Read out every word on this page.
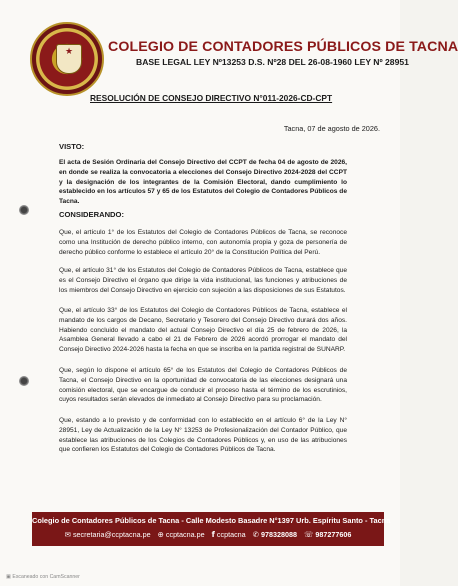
★	COLEGIO DE CONTADORES PÚBLICOS DE TACNA
BASE LEGAL LEY Nº13253 D.S. Nº28 DEL 26-08-1960 LEY Nº 28951
RESOLUCIÓN DE CONSEJO DIRECTIVO N°011-2026-CD-CPT
Tacna, 07 de agosto de 2026.
VISTO:
El acta de Sesión Ordinaria del Consejo Directivo del CCPT de fecha 04 de agosto de 2026, en donde se realiza la convocatoria a elecciones del Consejo Directivo 2024-2028 del CCPT y la designación de los integrantes de la Comisión Electoral, dando cumplimiento lo establecido en los artículos 57 y 65 de los Estatutos del Colegio de Contadores Públicos de Tacna.
CONSIDERANDO:
Que, el artículo 1° de los Estatutos del Colegio de Contadores Públicos de Tacna, se reconoce como una Institución de derecho público interno, con autonomía propia y goza de personería de derecho público conforme lo establece el artículo 20° de la Constitución Política del Perú.
Que, el artículo 31° de los Estatutos del Colegio de Contadores Públicos de Tacna, establece que es el Consejo Directivo el órgano que dirige la vida institucional, las funciones y atribuciones de los miembros del Consejo Directivo en ejercicio con sujeción a las disposiciones de sus Estatutos.
Que, el artículo 33° de los Estatutos del Colegio de Contadores Públicos de Tacna, establece el mandato de los cargos de Decano, Secretario y Tesorero del Consejo Directivo durará dos años. Habiendo concluido el mandato del actual Consejo Directivo el día 25 de febrero de 2026, la Asamblea General llevado a cabo el 21 de Febrero de 2026 acordó prorrogar el mandato del Consejo Directivo 2024-2026 hasta la fecha en que se inscriba en la partida registral de SUNARP.
Que, según lo dispone el artículo 65° de los Estatutos del Colegio de Contadores Públicos de Tacna, el Consejo Directivo en la oportunidad de convocatoria de las elecciones designará una comisión electoral, que se encargue de conducir el proceso hasta el término de los escrutinios, cuyos resultados serán elevados de inmediato al Consejo Directivo para su proclamación.
Que, estando a lo previsto y de conformidad con lo establecido en el artículo 6° de la Ley N° 28951, Ley de Actualización de la Ley N° 13253 de Profesionalización del Contador Público, que establece las atribuciones de los Colegios de Contadores Públicos y, en uso de las atribuciones que confieren los Estatutos del Colegio de Contadores Públicos de Tacna.
Colegio de Contadores Públicos de Tacna - Calle Modesto Basadre N°1397 Urb. Espíritu Santo - Tacna
✉ secretaria@ccptacna.pe ⊕ ccptacna.pe f ccptacna ✆ 978328088 ☏ 987277606
▣ Escaneado con CamScanner
